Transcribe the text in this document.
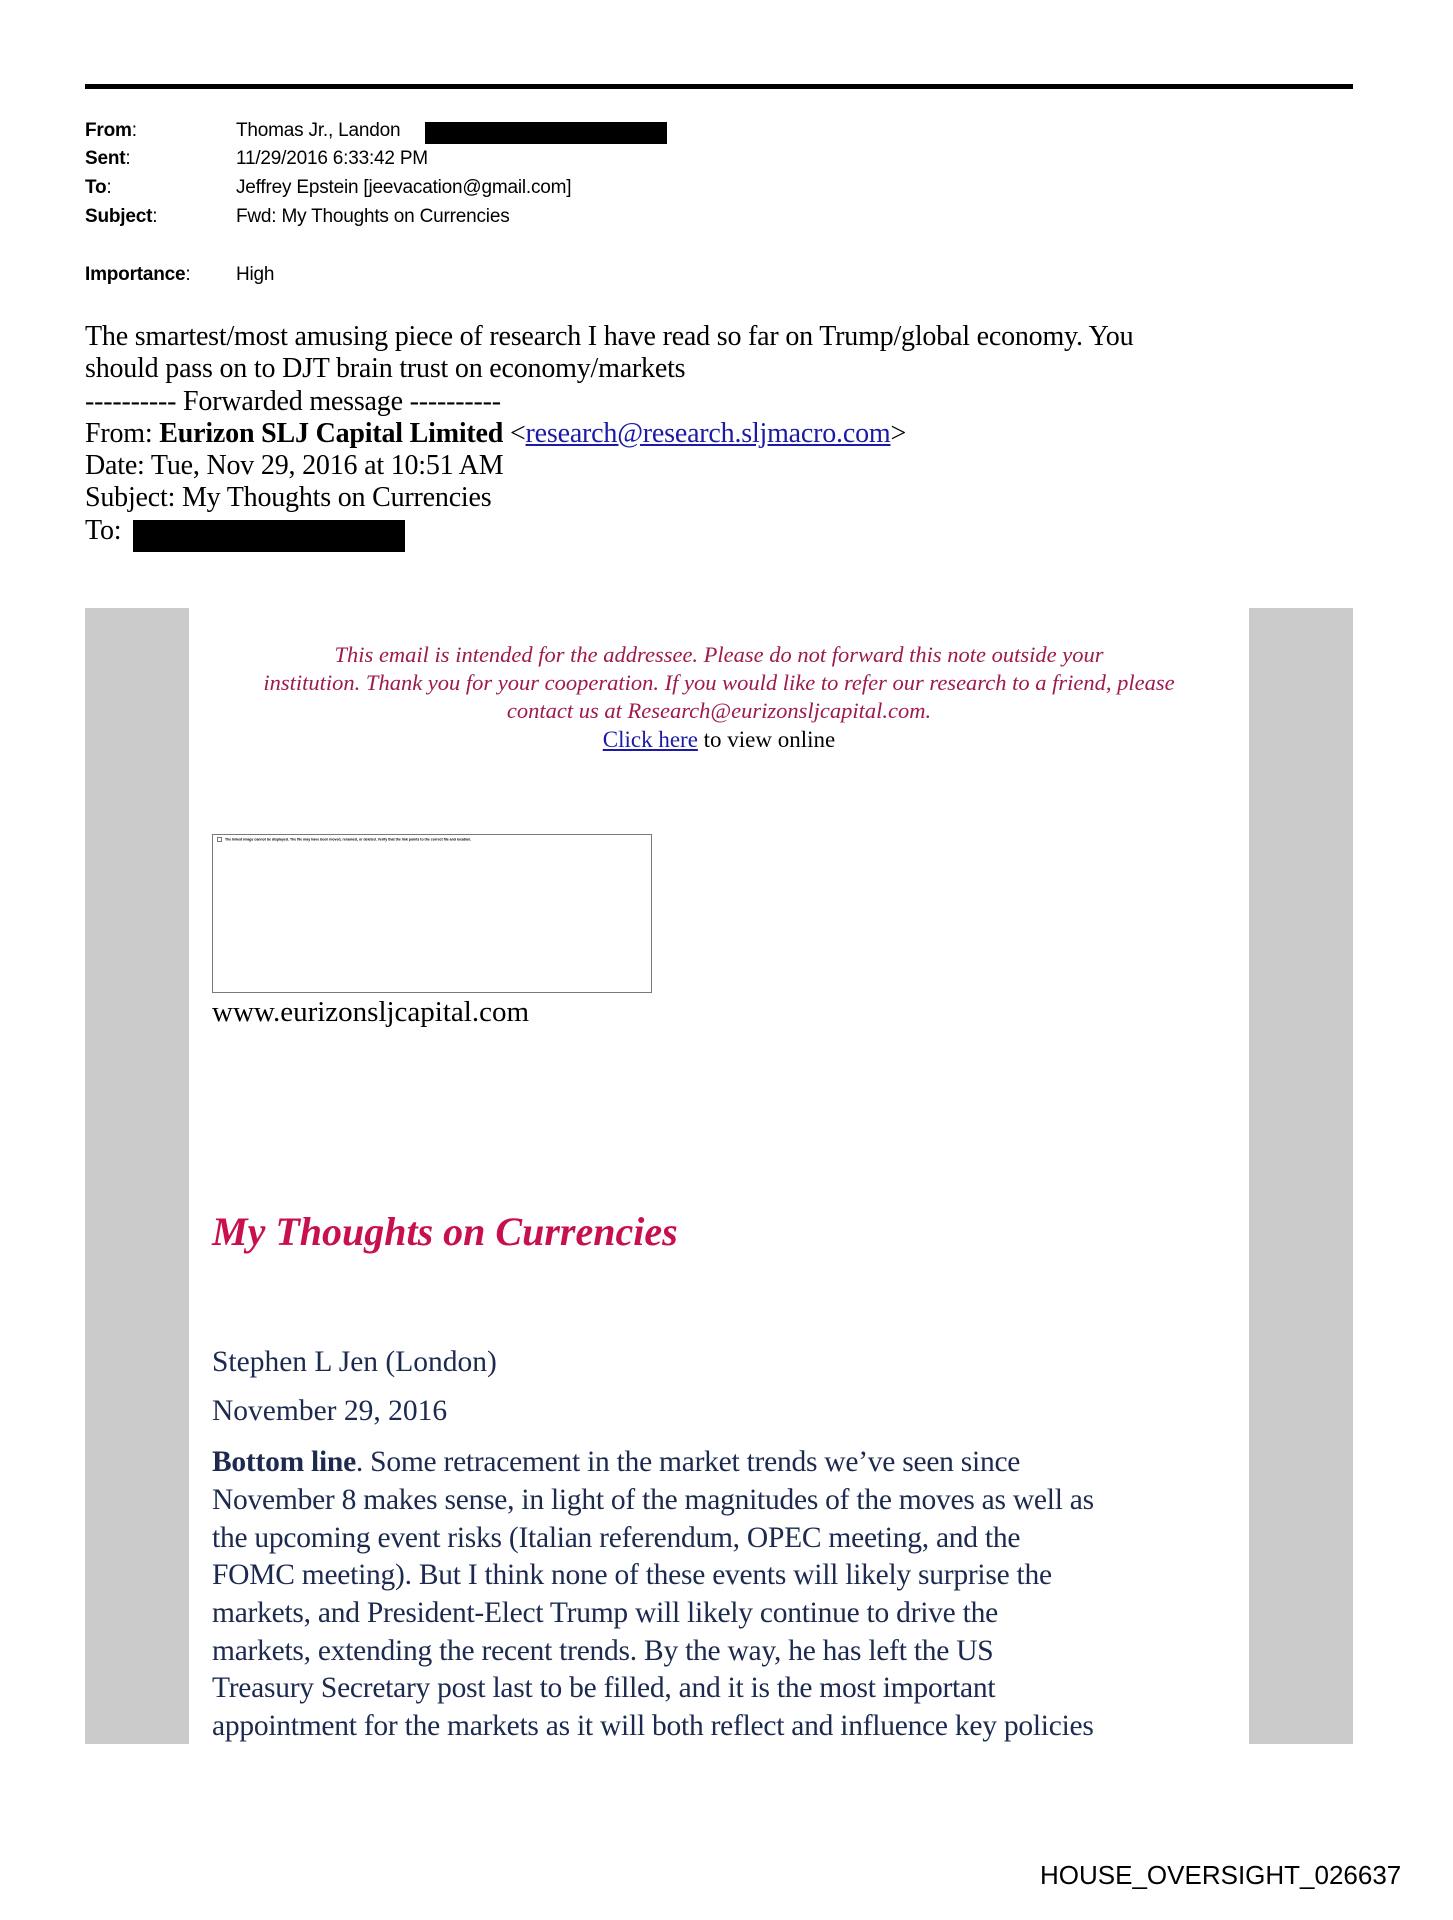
From:	Thomas Jr., Landon
Sent:	11/29/2016 6:33:42 PM
To:	Jeffrey Epstein [jeevacation@gmail.com]
Subject:	Fwd: My Thoughts on Currencies
Importance: High
The smartest/most amusing piece of research I have read so far on Trump/global economy. You
should pass on to DJT brain trust on economy/markets
---------- Forwarded message ----------
From: Eurizon SLJ Capital Limited <research@research.sljmacro.com>
Date: Tue, Nov 29, 2016 at 10:51 AM
Subject: My Thoughts on Currencies
To:
This email is intended for the addressee. Please do not forward this note outside your
institution. Thank you for your cooperation. If you would like to refer our research to a friend, please
contact us at Research@eurizonsljcapital.com.
Click here to view online
The linked image cannot be displayed. The file may have been moved, renamed, or deleted. Verify that the link points to the correct file and location.
www.eurizonsljcapital.com
My Thoughts on Currencies
Stephen L Jen (London)
November 29, 2016
Bottom line. Some retracement in the market trends we’ve seen since
November 8 makes sense, in light of the magnitudes of the moves as well as
the upcoming event risks (Italian referendum, OPEC meeting, and the
FOMC meeting). But I think none of these events will likely surprise the
markets, and President-Elect Trump will likely continue to drive the
markets, extending the recent trends. By the way, he has left the US
Treasury Secretary post last to be filled, and it is the most important
appointment for the markets as it will both reflect and influence key policies
HOUSE_OVERSIGHT_026637
